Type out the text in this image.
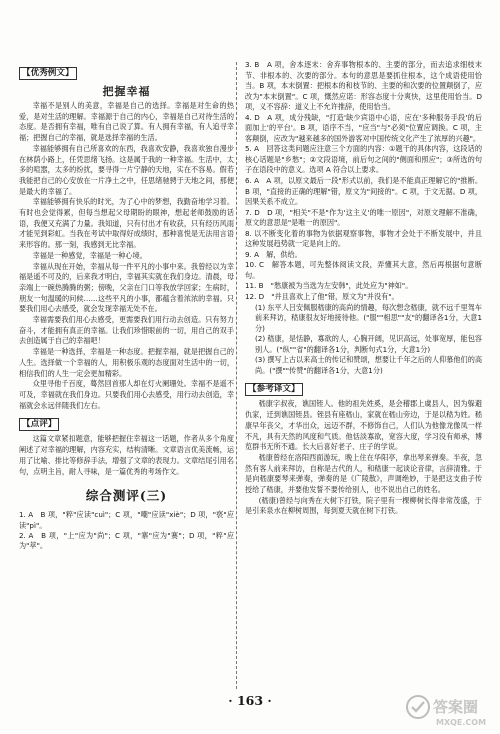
【优秀例文】
把握幸福

幸福不是别人的美意，幸福是自己的选择。幸福是对生命的热爱，是对生活的理解。幸福源于自己的内心，幸福是自己对待生活的态度。是否拥有幸福，唯有自己说了算。有人拥有幸福，有人追寻幸福；把握自己的幸福，就是选择幸福的生活。

幸福能够拥有自己所喜欢的东西，我喜欢安静，我喜欢独自漫步在林荫小路上，任凭思绪飞扬。这是属于我的一种幸福。生活中，太多的喧嚣，太多的纷扰，要寻得一片宁静的天地，实在不容易。假若我能把自己的心安放在一片净土之中，任思绪驰骋于天地之间，那便是最大的幸福了。

幸福能够拥有快乐的时光，为了心中的梦想，我勤奋地学习着。有时也会觉得累，但每当想起父母期盼的眼神，想起老师鼓励的话语，我便又充满了力量。我知道，只有付出才有收获，只有经历风雨才能见到彩虹。当我在考试中取得好成绩时，那种喜悦是无法用言语来形容的。那一刻，我感到无比幸福。

幸福是一种感觉，幸福是一种心境。

幸福从现在开始，幸福从每一件平凡的小事中来。我曾经以为幸福是遥不可及的，后来我才明白，幸福其实就在我们身边。清晨，母亲端上一碗热腾腾的粥；傍晚，父亲在门口等我放学回家；生病时，朋友一句温暖的问候……这些平凡的小事，都蕴含着浓浓的幸福。只要我们用心去感受，就会发现幸福无处不在。

幸福需要我们用心去感受，更需要我们用行动去创造。只有努力奋斗，才能拥有真正的幸福。让我们珍惜眼前的一切，用自己的双手去创造属于自己的幸福吧！

幸福是一种选择，幸福是一种态度。把握幸福，就是把握自己的人生。选择做一个幸福的人，用积极乐观的态度面对生活中的一切，相信我们的人生一定会更加精彩。

众里寻他千百度，蓦然回首那人却在灯火阑珊处。幸福不是遥不可及，幸福就在我们身边。只要我们用心去感受，用行动去创造，幸福就会永远伴随我们左右。

【点评】

这篇文章紧扣题意，能够把握住幸福这一话题，作者从多个角度阐述了对幸福的理解，内容充实，结构清晰。文章语言优美流畅，运用了比喻、排比等修辞手法，增强了文章的表现力。文章结尾引用名句，点明主旨，耐人寻味，是一篇优秀的考场作文。

综合测评(三)

1. A　B 项，"粹"应读"cuì"；C 项，"嘲"应读"xiè"；D 项，"亵"应读"pì"。

2. A　B 项，"上"应为"尚"；C 项，"寨"应为"赛"；D 项，"粹"应为"萃"。

3. B　A 项，舍本逐末：舍弃事物根本的、主要的部分，而去追求细枝末节、非根本的、次要的部分。本句的意思是要抓住根本，这个成语使用恰当。B 项，本末倒置：把根本的和枝节的、主要的和次要的位置颠倒了，应改为"本末倒置"。C 项，慨然应诺：形容态度十分爽快，这里使用恰当。D 项，义不容辞：道义上不允许推辞，使用恰当。

4. D　A 项，成分残缺，"打造'缺少宾语中心语，应在'多种服务手段'的后面加上'的平台'。B 项，语序不当，"应当"与"必须"位置应调换。C 项，主客颠倒，应改为"越来越多的国外游客对中国传统文化产生了浓厚的兴趣"。

5. A　回答这类问题应注意三个方面的内容：①题干的具体内容，这段话的核心话题是"乡愁"；②文段语境，前后句之间的"侧面和照应"；③所选的句子在语段中的意义。选项 A 符合以上要求。

6. A　A 项，以原文最后一段"形式以前，我们是不能真正理解它的"推断。B 项，"直接的正确的理解"错，原文为"间接的"。C 项，于文无据。D 项，因果关系不成立。

7. D　D 项，"相关"不是"作为'这主义'的唯一原因"，对原文理解不准确，原文的意思是"是唯一的原因"。

8. 以不断变化着的事物为依据观察事物，事物才会处于不断发展中，并且这种发展趋势就一定是向上的。

9. A　解，供给。

10. C　解答本题，可先整体阅读文段，弄懂其大意，然后再根据句意断句。

11. B　"愁康被为当选为左安韩"，此处应为"神如"。

12. D　"并且喜欢上了他"错，原文为"并没有"。

(1) 东平人吕安佩服嵇康的高尚的情趣，每次想念嵇康，就不远千里驾车前来拜访，嵇康很友好地接待他。("服""相思""友"的翻译各1分，大意1分)

(2) 嵇康，是恬静，寡欲的人，心胸开阔，见识高远，处事宽厚，能包容别人。("纵""省"的翻译各1分，判断句式1分，大意1分)

(3) 撰写上古以来高士的传记和赞颂，想要让千年之后的人仰慕他们的高尚。("撰""传赞"的翻译各1分，大意1分)

【参考译文】

嵇康字叔夜，谯国铚人。他的祖先姓奚，是会稽郡上虞县人，因为躲避仇家，迁到谯国铚县。铚县有座嵇山，家就在嵇山旁边，于是以嵇为姓。嵇康早年丧父，才华出众，远迈不群，不修饰自己，人们认为他像龙像凤一样不凡，具有天然的风度和气质。他恬淡寡欲，宽容大度，学习没有师承，博览群书无所不通。长大后喜好老子、庄子的学说。

嵇康曾经在洛阳西面游玩，晚上住在华阳亭，拿出琴来弹奏。半夜，忽然有客人前来拜访，自称是古代的人，和嵇康一起谈论音律，言辞清雅。于是向嵇康要琴来弹奏，弹奏的是《广陵散》，声调绝妙，于是把这支曲子传授给了嵇康，并要他发誓不要传给别人，也不说出自己的姓名。

(嵇康)曾经与向秀在大树下打铁，院子里有一棵柳树长得非常茂盛，于是引来泉水在柳树周围，每到夏天就在树下打铁。

· 163 ·	答案圈
MXQE.COM
